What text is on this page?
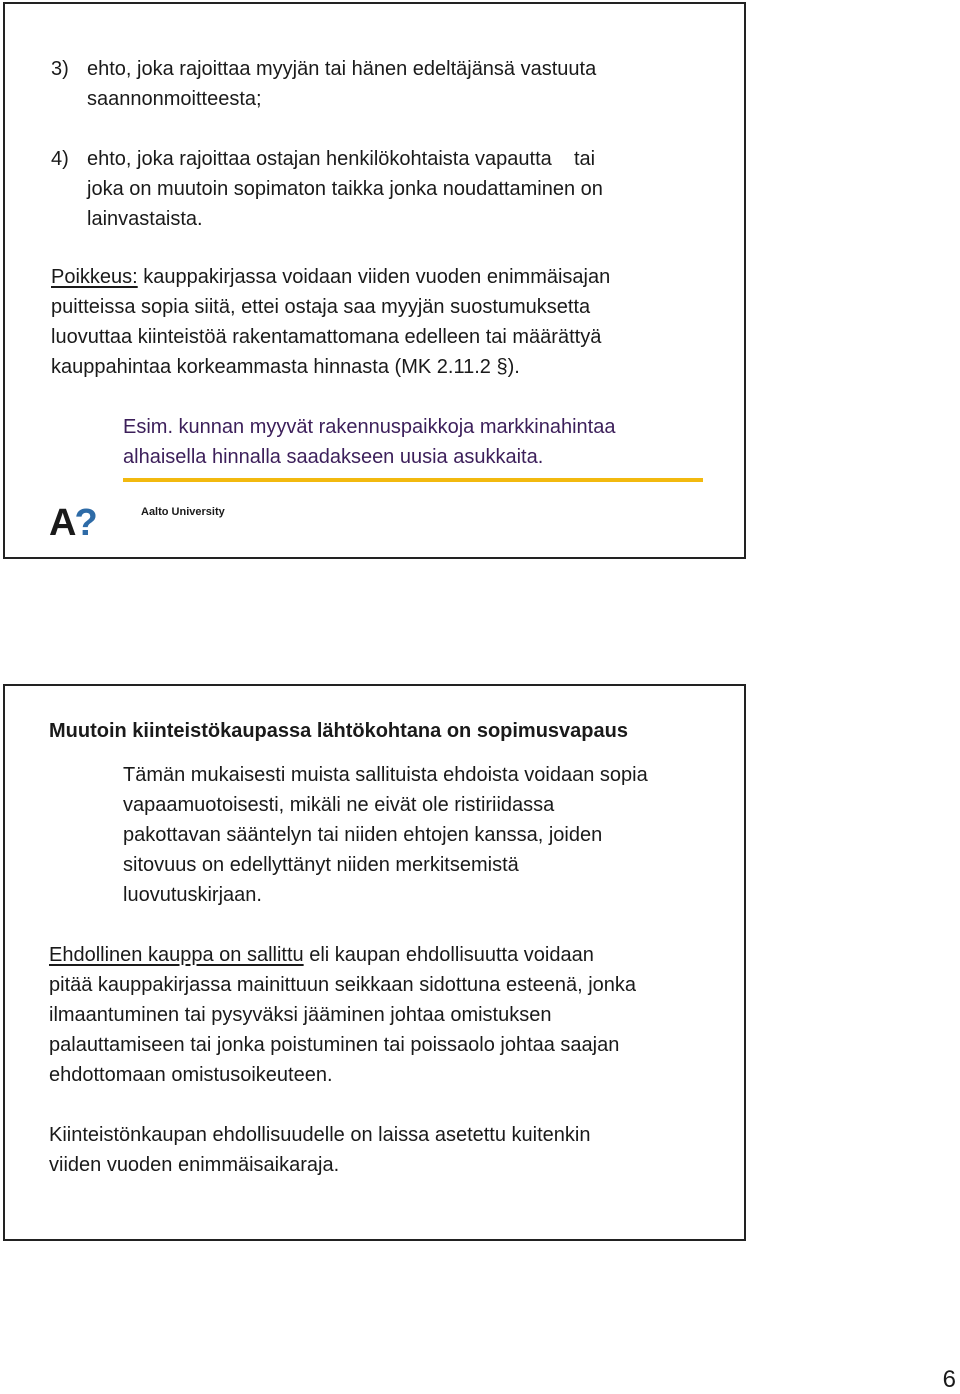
3) ehto, joka rajoittaa myyjän tai hänen edeltäjänsä vastuuta
saannonmoitteesta;
4) ehto, joka rajoittaa ostajan henkilökohtaista vapautta    tai
joka on muutoin sopimaton taikka jonka noudattaminen on
lainvastaista.
Poikkeus: kauppakirjassa voidaan viiden vuoden enimmäisajan
puitteissa sopia siitä, ettei ostaja saa myyjän suostumuksetta
luovuttaa kiinteistöä rakentamattomana edelleen tai määrättyä
kauppahintaa korkeammasta hinnasta (MK 2.11.2 §).
Esim. kunnan myyvät rakennuspaikkoja markkinahintaa
alhaisella hinnalla saadakseen uusia asukkaita.
A?	Aalto University
Muutoin kiinteistökaupassa lähtökohtana on sopimusvapaus
Tämän mukaisesti muista sallituista ehdoista voidaan sopia
vapaamuotoisesti, mikäli ne eivät ole ristiriidassa
pakottavan sääntelyn tai niiden ehtojen kanssa, joiden
sitovuus on edellyttänyt niiden merkitsemistä
luovutuskirjaan.
Ehdollinen kauppa on sallittu eli kaupan ehdollisuutta voidaan
pitää kauppakirjassa mainittuun seikkaan sidottuna esteenä, jonka
ilmaantuminen tai pysyväksi jääminen johtaa omistuksen
palauttamiseen tai jonka poistuminen tai poissaolo johtaa saajan
ehdottomaan omistusoikeuteen.
Kiinteistönkaupan ehdollisuudelle on laissa asetettu kuitenkin
viiden vuoden enimmäisaikaraja.
6
